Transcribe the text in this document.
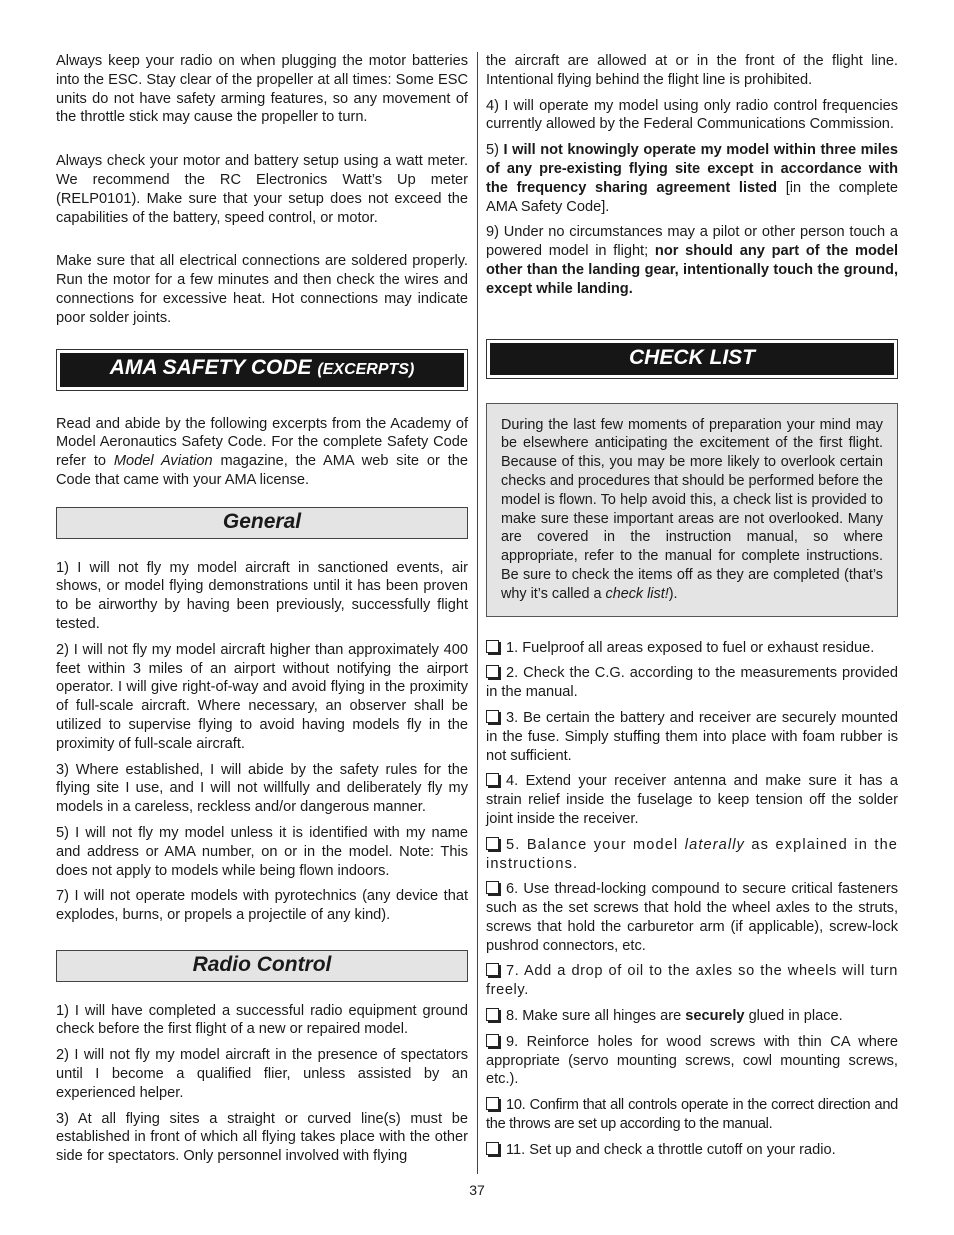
Always keep your radio on when plugging the motor batteries into the ESC. Stay clear of the propeller at all times: Some ESC units do not have safety arming features, so any movement of the throttle stick may cause the propeller to turn.

Always check your motor and battery setup using a watt meter. We recommend the RC Electronics Watt’s Up meter (RELP0101). Make sure that your setup does not exceed the capabilities of the battery, speed control, or motor.

Make sure that all electrical connections are soldered properly. Run the motor for a few minutes and then check the wires and connections for excessive heat. Hot connections may indicate poor solder joints.

AMA SAFETY CODE (EXCERPTS)

Read and abide by the following excerpts from the Academy of Model Aeronautics Safety Code. For the complete Safety Code refer to Model Aviation magazine, the AMA web site or the Code that came with your AMA license.

General

1) I will not fly my model aircraft in sanctioned events, air shows, or model flying demonstrations until it has been proven to be airworthy by having been previously, successfully flight tested.

2) I will not fly my model aircraft higher than approximately 400 feet within 3 miles of an airport without notifying the airport operator. I will give right-of-way and avoid flying in the proximity of full-scale aircraft. Where necessary, an observer shall be utilized to supervise flying to avoid having models fly in the proximity of full-scale aircraft.

3) Where established, I will abide by the safety rules for the flying site I use, and I will not willfully and deliberately fly my models in a careless, reckless and/or dangerous manner.

5) I will not fly my model unless it is identified with my name and address or AMA number, on or in the model. Note: This does not apply to models while being flown indoors.

7) I will not operate models with pyrotechnics (any device that explodes, burns, or propels a projectile of any kind).

Radio Control

1) I will have completed a successful radio equipment ground check before the first flight of a new or repaired model.

2) I will not fly my model aircraft in the presence of spectators until I become a qualified flier, unless assisted by an experienced helper.

3) At all flying sites a straight or curved line(s) must be established in front of which all flying takes place with the other side for spectators. Only personnel involved with flying

the aircraft are allowed at or in the front of the flight line. Intentional flying behind the flight line is prohibited.

4) I will operate my model using only radio control frequencies currently allowed by the Federal Communications Commission.

5) I will not knowingly operate my model within three miles of any pre-existing flying site except in accordance with the frequency sharing agreement listed [in the complete AMA Safety Code].

9) Under no circumstances may a pilot or other person touch a powered model in flight; nor should any part of the model other than the landing gear, intentionally touch the ground, except while landing.

CHECK LIST

During the last few moments of preparation your mind may be elsewhere anticipating the excitement of the first flight. Because of this, you may be more likely to overlook certain checks and procedures that should be performed before the model is flown. To help avoid this, a check list is provided to make sure these important areas are not overlooked. Many are covered in the instruction manual, so where appropriate, refer to the manual for complete instructions. Be sure to check the items off as they are completed (that’s why it’s called a check list!).

1. Fuelproof all areas exposed to fuel or exhaust residue.

2. Check the C.G. according to the measurements provided in the manual.

3. Be certain the battery and receiver are securely mounted in the fuse. Simply stuffing them into place with foam rubber is not sufficient.

4. Extend your receiver antenna and make sure it has a strain relief inside the fuselage to keep tension off the solder joint inside the receiver.

5. Balance your model laterally as explained in the instructions.

6. Use thread-locking compound to secure critical fasteners such as the set screws that hold the wheel axles to the struts, screws that hold the carburetor arm (if applicable), screw-lock pushrod connectors, etc.

7. Add a drop of oil to the axles so the wheels will turn freely.

8. Make sure all hinges are securely glued in place.

9. Reinforce holes for wood screws with thin CA where appropriate (servo mounting screws, cowl mounting screws, etc.).

10. Confirm that all controls operate in the correct direction and the throws are set up according to the manual.

11. Set up and check a throttle cutoff on your radio.

37
